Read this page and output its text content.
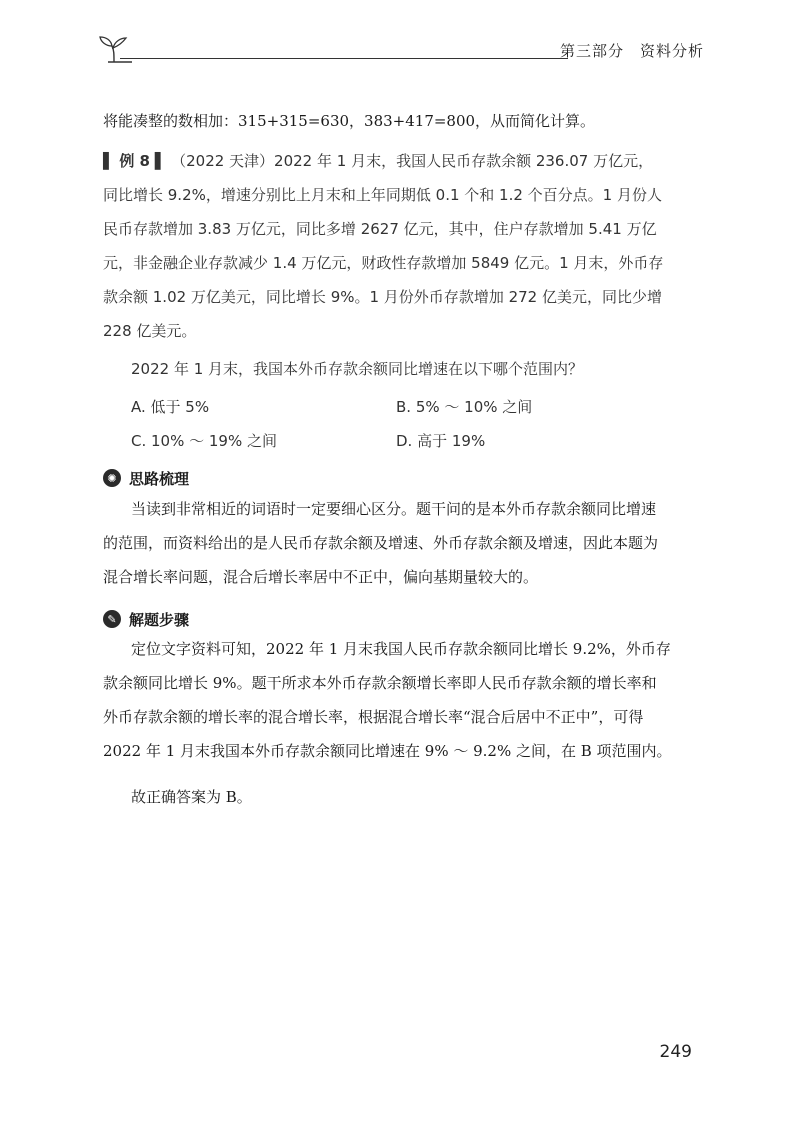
第三部分　资料分析
将能凑整的数相加：315+315=630，383+417=800，从而简化计算。
▌ 例 8 ▌ （2022 天津）2022 年 1 月末，我国人民币存款余额 236.07 万亿元，
同比增长 9.2%，增速分别比上月末和上年同期低 0.1 个和 1.2 个百分点。1 月份人
民币存款增加 3.83 万亿元，同比多增 2627 亿元，其中，住户存款增加 5.41 万亿
元，非金融企业存款减少 1.4 万亿元，财政性存款增加 5849 亿元。1 月末，外币存
款余额 1.02 万亿美元，同比增长 9%。1 月份外币存款增加 272 亿美元，同比少增
228 亿美元。
2022 年 1 月末，我国本外币存款余额同比增速在以下哪个范围内？
A. 低于 5%	B. 5% ～ 10% 之间
C. 10% ～ 19% 之间	D. 高于 19%
✺ 思路梳理
当读到非常相近的词语时一定要细心区分。题干问的是本外币存款余额同比增速
的范围，而资料给出的是人民币存款余额及增速、外币存款余额及增速，因此本题为
混合增长率问题，混合后增长率居中不正中，偏向基期量较大的。
✎ 解题步骤
定位文字资料可知，2022 年 1 月末我国人民币存款余额同比增长 9.2%，外币存
款余额同比增长 9%。题干所求本外币存款余额增长率即人民币存款余额的增长率和
外币存款余额的增长率的混合增长率，根据混合增长率“混合后居中不正中”，可得
2022 年 1 月末我国本外币存款余额同比增速在 9% ～ 9.2% 之间，在 B 项范围内。
故正确答案为 B。
249
